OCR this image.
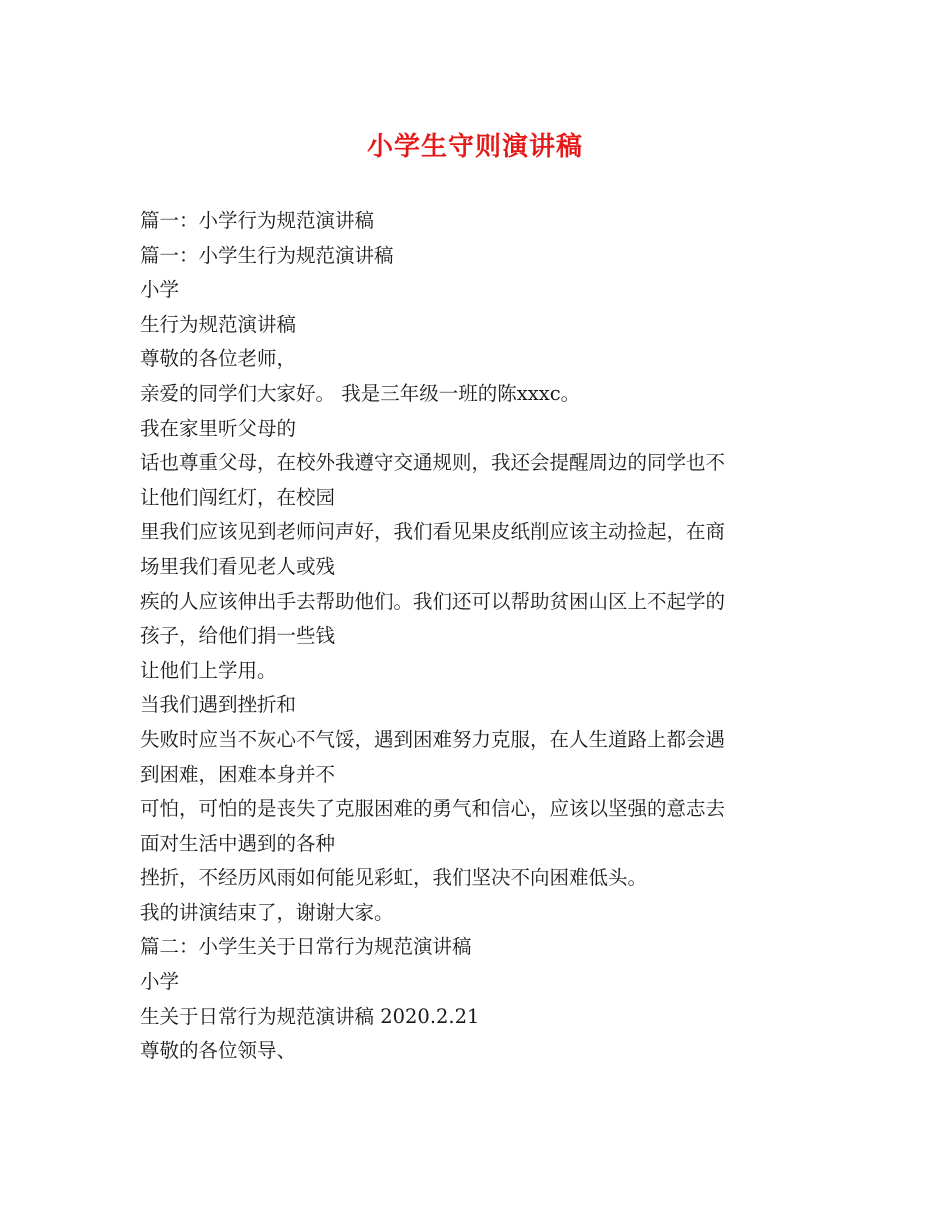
小学生守则演讲稿
篇一：小学行为规范演讲稿
篇一：小学生行为规范演讲稿
小学
生行为规范演讲稿
尊敬的各位老师，
亲爱的同学们大家好。 我是三年级一班的陈xxxc。
我在家里听父母的
话也尊重父母，在校外我遵守交通规则，我还会提醒周边的同学也不
让他们闯红灯，在校园
里我们应该见到老师问声好，我们看见果皮纸削应该主动捡起，在商
场里我们看见老人或残
疾的人应该伸出手去帮助他们。我们还可以帮助贫困山区上不起学的
孩子，给他们捐一些钱
让他们上学用。
当我们遇到挫折和
失败时应当不灰心不气馁，遇到困难努力克服，在人生道路上都会遇
到困难，困难本身并不
可怕，可怕的是丧失了克服困难的勇气和信心，应该以坚强的意志去
面对生活中遇到的各种
挫折，不经历风雨如何能见彩虹，我们坚决不向困难低头。
我的讲演结束了，谢谢大家。
篇二：小学生关于日常行为规范演讲稿
小学
生关于日常行为规范演讲稿 2020.2.21
尊敬的各位领导、
